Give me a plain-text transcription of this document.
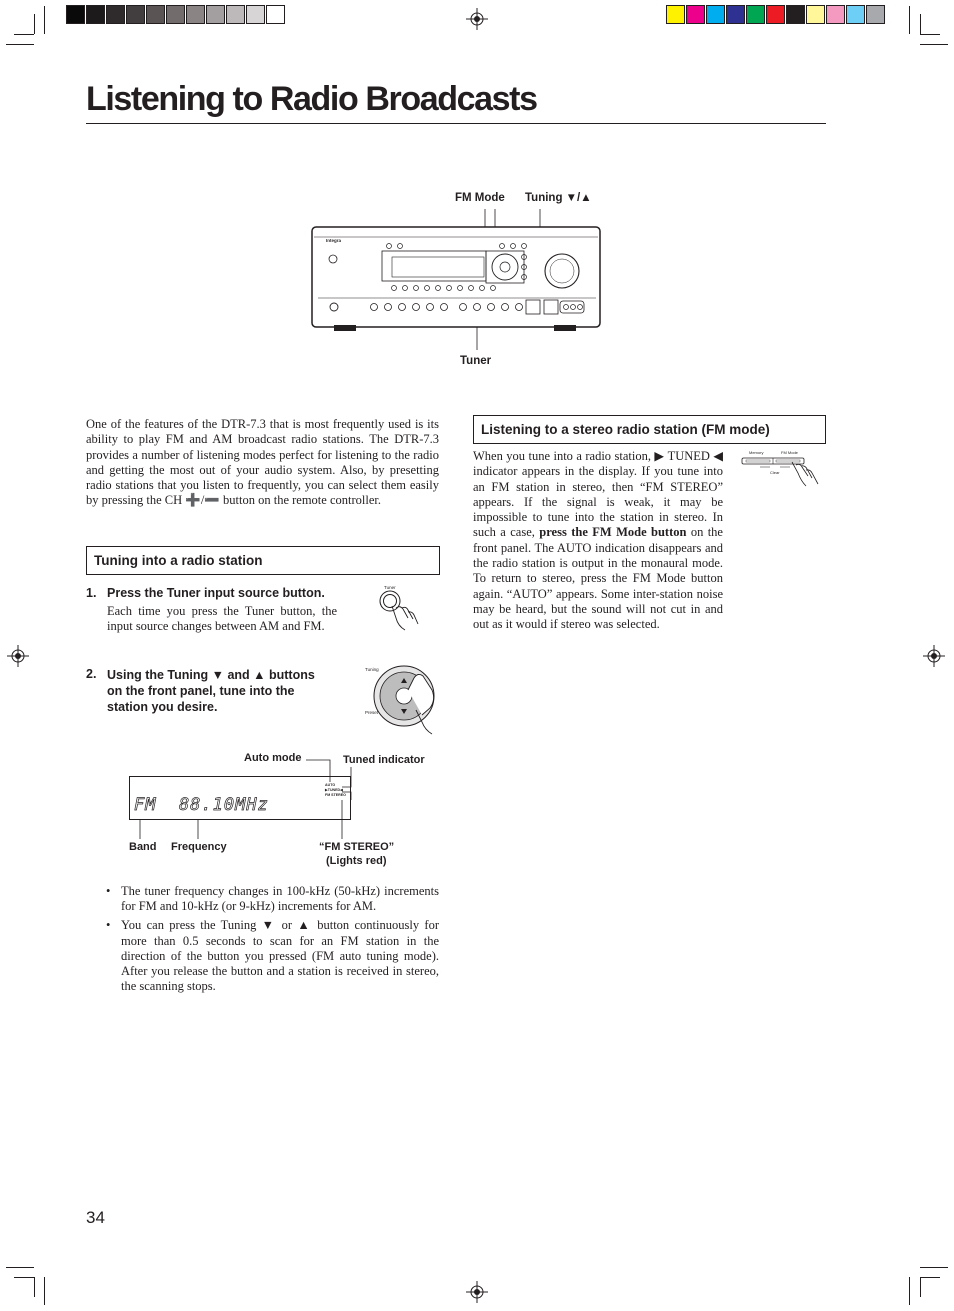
Listening to Radio Broadcasts
FM Mode Tuning ▼/▲
Tuner
Integra
One of the features of the DTR-7.3 that is most frequently used is its ability to play FM and AM broadcast radio stations. The DTR-7.3 provides a number of listening modes perfect for listening to the radio and getting the most out of your audio system. Also, by presetting radio stations that you listen to frequently, you can select them easily by pressing the CH ➕/➖ button on the remote controller.
Tuning into a radio station
1. Press the Tuner input source button.
Each time you press the Tuner button, the input source changes between AM and FM.
Tuner
2. Using the Tuning ▼ and ▲ buttons on the front panel, tune into the station you desire.
Tuning
Preset
Auto mode	Tuned indicator
Band Frequency	“FM STEREO”
(Lights red)
FM  88.10MHz
AUTO
▶TUNED◀
FM STEREO
• The tuner frequency changes in 100-kHz (50-kHz) increments for FM and 10-kHz (or 9-kHz) increments for AM.
• You can press the Tuning ▼ or ▲ button continuously for more than 0.5 seconds to scan for an FM station in the direction of the button you pressed (FM auto tuning mode). After you release the button and a station is received in stereo, the scanning stops.
Listening to a stereo radio station (FM mode)
When you tune into a radio station, ▶ TUNED ◀ indicator appears in the display. If you tune into an FM station in stereo, then “FM STEREO” appears. If the signal is weak, it may be impossible to tune into the station in stereo. In such a case, press the FM Mode button on the front panel. The AUTO indication disappears and the radio station is output in the monaural mode. To return to stereo, press the FM Mode button again. “AUTO” appears. Some inter-station noise may be heard, but the sound will not cut in and out as it would if stereo was selected.
Memory	FM Mode
Clear
34
